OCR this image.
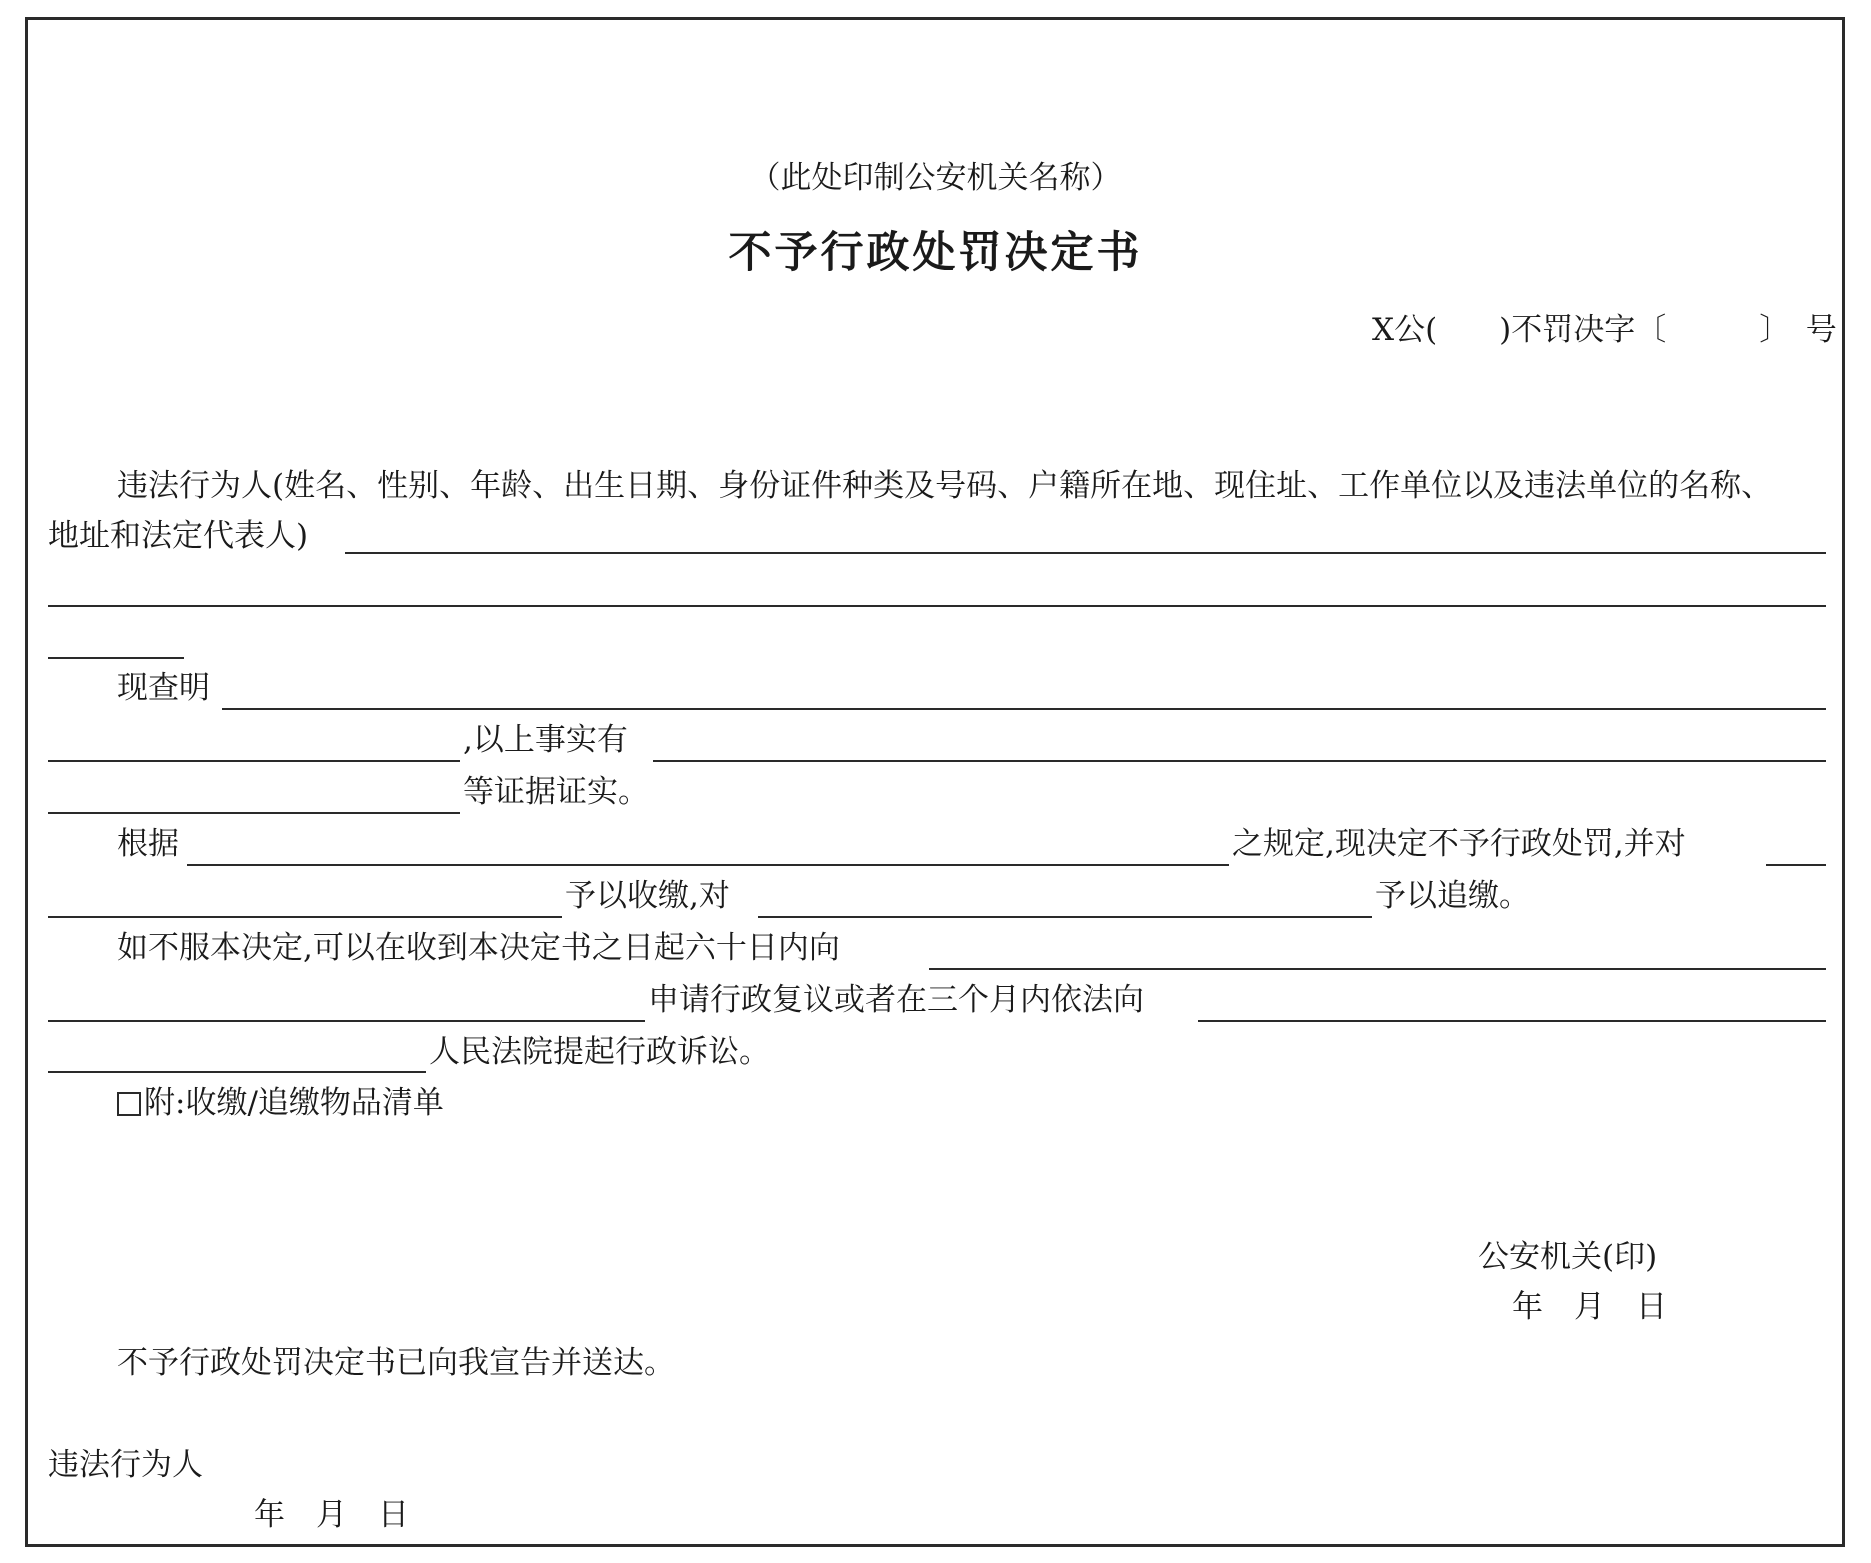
（此处印制公安机关名称）
不予行政处罚决定书
X公(　　)不罚决字〔　　　〕　号
违法行为人(姓名、性别、年龄、出生日期、身份证件种类及号码、户籍所在地、现住址、工作单位以及违法单位的名称、
地址和法定代表人)
现查明
,以上事实有
等证据证实。
根据	之规定,现决定不予行政处罚,并对
予以收缴,对	予以追缴。
如不服本决定,可以在收到本决定书之日起六十日内向
申请行政复议或者在三个月内依法向
人民法院提起行政诉讼。
附:收缴/追缴物品清单
公安机关(印)
年　月　日
不予行政处罚决定书已向我宣告并送达。
违法行为人
年　月　日
